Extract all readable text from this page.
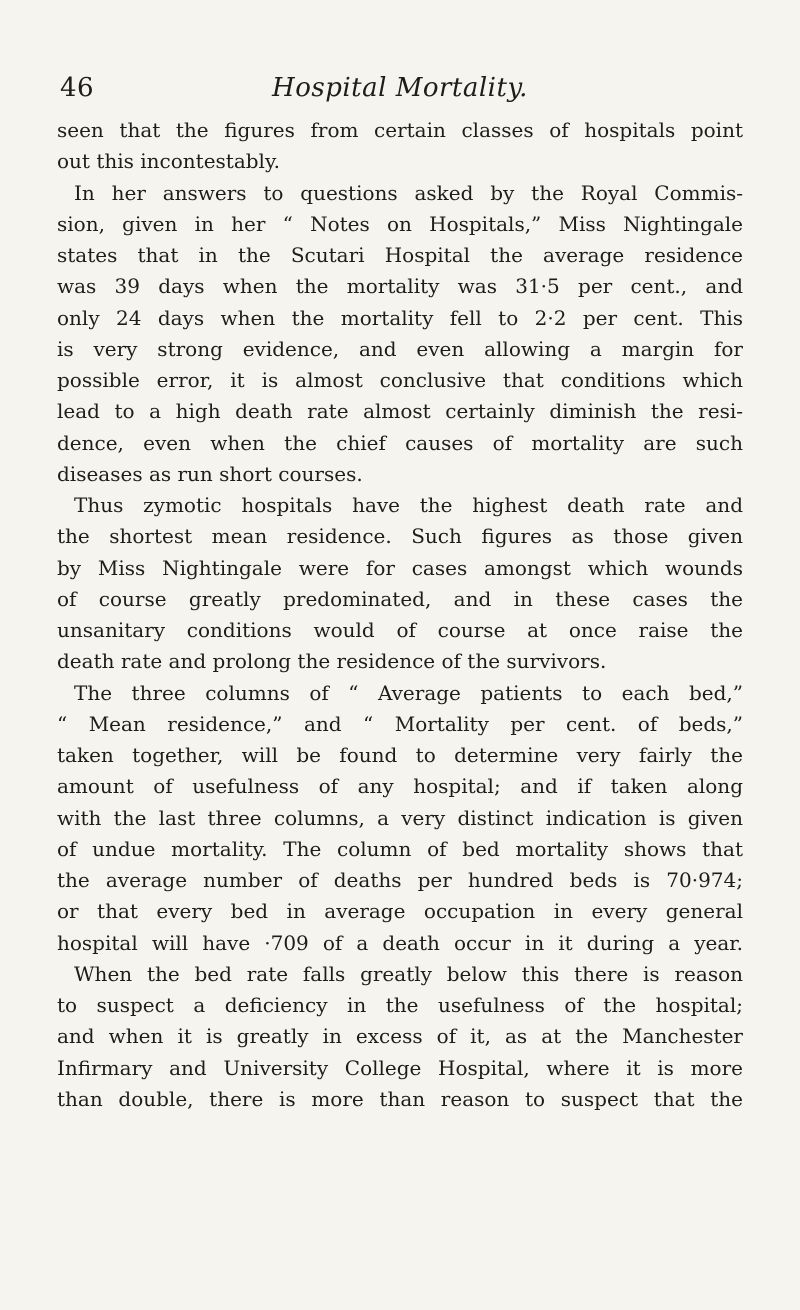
46	Hospital Mortality.
seen that the figures from certain classes of hospitals point
out this incontestably.
In her answers to questions asked by the Royal Commis-
sion, given in her “ Notes on Hospitals,” Miss Nightingale
states that in the Scutari Hospital the average residence
was 39 days when the mortality was 31·5 per cent., and
only 24 days when the mortality fell to 2·2 per cent. This
is very strong evidence, and even allowing a margin for
possible error, it is almost conclusive that conditions which
lead to a high death rate almost certainly diminish the resi-
dence, even when the chief causes of mortality are such
diseases as run short courses.
Thus zymotic hospitals have the highest death rate and
the shortest mean residence. Such figures as those given
by Miss Nightingale were for cases amongst which wounds
of course greatly predominated, and in these cases the
unsanitary conditions would of course at once raise the
death rate and prolong the residence of the survivors.
The three columns of “ Average patients to each bed,”
“ Mean residence,” and “ Mortality per cent. of beds,”
taken together, will be found to determine very fairly the
amount of usefulness of any hospital; and if taken along
with the last three columns, a very distinct indication is given
of undue mortality. The column of bed mortality shows that
the average number of deaths per hundred beds is 70·974;
or that every bed in average occupation in every general
hospital will have ·709 of a death occur in it during a year.
When the bed rate falls greatly below this there is reason
to suspect a deficiency in the usefulness of the hospital;
and when it is greatly in excess of it, as at the Manchester
Infirmary and University College Hospital, where it is more
than double, there is more than reason to suspect that the
